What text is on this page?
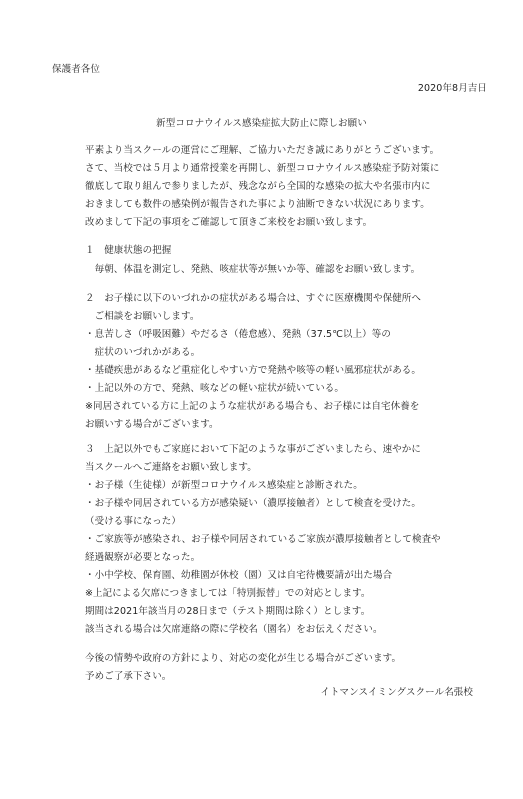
保護者各位
2020年8月吉日
新型コロナウイルス感染症拡大防止に際しお願い
平素より当スクールの運営にご理解、ご協力いただき誠にありがとうございます。
さて、当校では５月より通常授業を再開し、新型コロナウイルス感染症予防対策に
徹底して取り組んで参りましたが、残念ながら全国的な感染の拡大や名張市内に
おきましても数件の感染例が報告された事により油断できない状況にあります。
改めまして下記の事項をご確認して頂きご来校をお願い致します。
１　健康状態の把握
　毎朝、体温を測定し、発熱、咳症状等が無いか等、確認をお願い致します。
２　お子様に以下のいづれかの症状がある場合は、すぐに医療機関や保健所へ
　ご相談をお願いします。
・息苦しさ（呼吸困難）やだるさ（倦怠感）、発熱（37.5℃以上）等の
　症状のいづれかがある。
・基礎疾患があるなど重症化しやすい方で発熱や咳等の軽い風邪症状がある。
・上記以外の方で、発熱、咳などの軽い症状が続いている。
※同居されている方に上記のような症状がある場合も、お子様には自宅休養を
お願いする場合がございます。
３　上記以外でもご家庭において下記のような事がございましたら、速やかに
当スクールへご連絡をお願い致します。
・お子様（生徒様）が新型コロナウイルス感染症と診断された。
・お子様や同居されている方が感染疑い（濃厚接触者）として検査を受けた。
（受ける事になった）
・ご家族等が感染され、お子様や同居されているご家族が濃厚接触者として検査や
経過観察が必要となった。
・小中学校、保育園、幼稚園が休校（園）又は自宅待機要請が出た場合
※上記による欠席につきましては「特別振替」での対応とします。
期間は2021年該当月の28日まで（テスト期間は除く）とします。
該当される場合は欠席連絡の際に学校名（園名）をお伝えください。
今後の情勢や政府の方針により、対応の変化が生じる場合がございます。
予めご了承下さい。
イトマンスイミングスクール名張校
